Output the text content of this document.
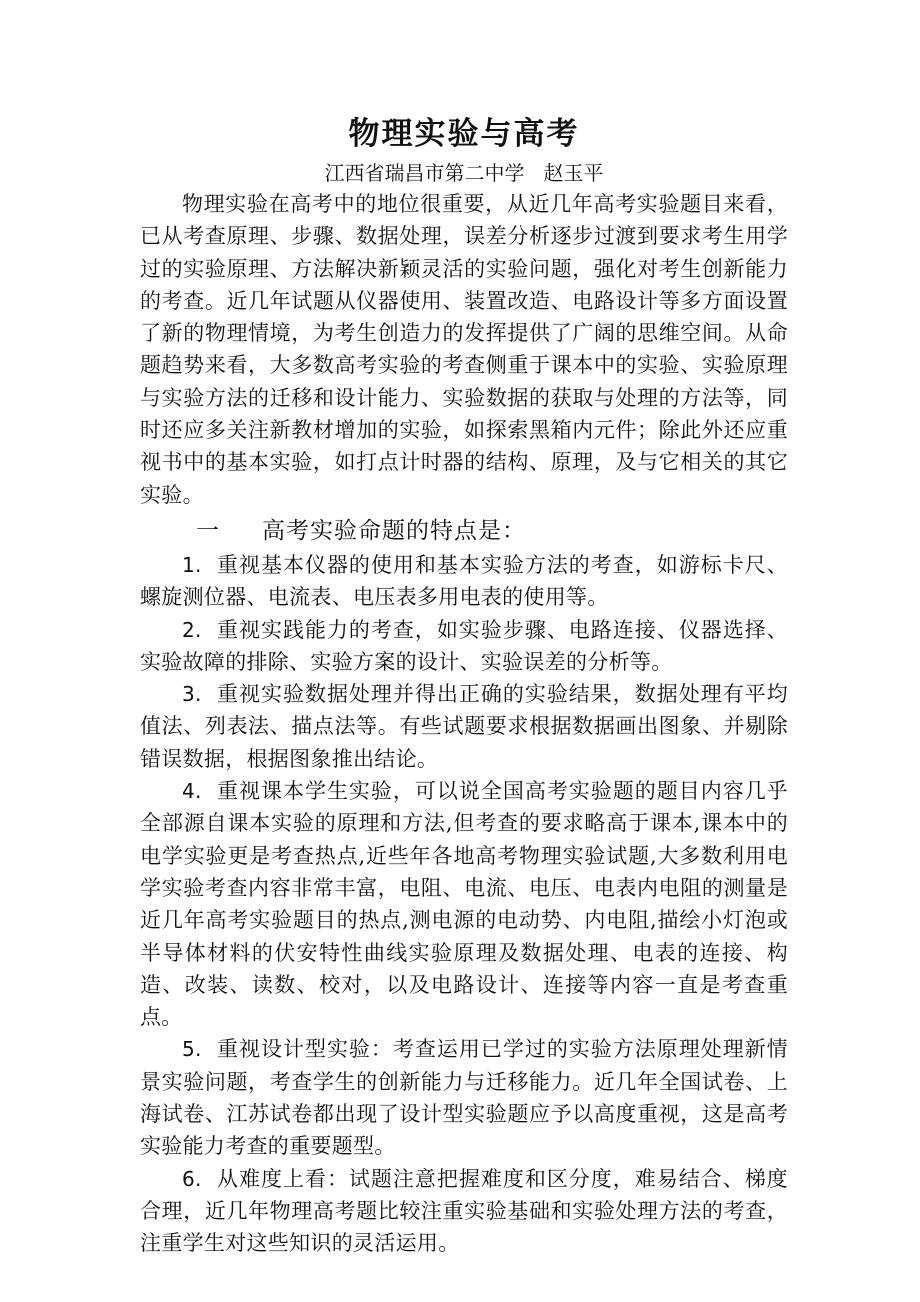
物理实验与高考

江西省瑞昌市第二中学   赵玉平

物理实验在高考中的地位很重要，从近几年高考实验题目来看，已从考查原理、步骤、数据处理，误差分析逐步过渡到要求考生用学过的实验原理、方法解决新颖灵活的实验问题，强化对考生创新能力的考查。近几年试题从仪器使用、装置改造、电路设计等多方面设置了新的物理情境，为考生创造力的发挥提供了广阔的思维空间。从命题趋势来看，大多数高考实验的考查侧重于课本中的实验、实验原理与实验方法的迁移和设计能力、实验数据的获取与处理的方法等，同时还应多关注新教材增加的实验，如探索黑箱内元件；除此外还应重视书中的基本实验，如打点计时器的结构、原理，及与它相关的其它实验。

一 高考实验命题的特点是：

1. 重视基本仪器的使用和基本实验方法的考查，如游标卡尺、螺旋测位器、电流表、电压表多用电表的使用等。

2. 重视实践能力的考查，如实验步骤、电路连接、仪器选择、实验故障的排除、实验方案的设计、实验误差的分析等。

3. 重视实验数据处理并得出正确的实验结果，数据处理有平均值法、列表法、描点法等。有些试题要求根据数据画出图象、并剔除错误数据，根据图象推出结论。

4. 重视课本学生实验，可以说全国高考实验题的题目内容几乎全部源自课本实验的原理和方法,但考查的要求略高于课本,课本中的电学实验更是考查热点,近些年各地高考物理实验试题,大多数利用电学实验考查内容非常丰富，电阻、电流、电压、电表内电阻的测量是近几年高考实验题目的热点,测电源的电动势、内电阻,描绘小灯泡或半导体材料的伏安特性曲线实验原理及数据处理、电表的连接、构造、改装、读数、校对，以及电路设计、连接等内容一直是考查重点。

5. 重视设计型实验：考查运用已学过的实验方法原理处理新情景实验问题，考查学生的创新能力与迁移能力。近几年全国试卷、上海试卷、江苏试卷都出现了设计型实验题应予以高度重视，这是高考实验能力考查的重要题型。

6. 从难度上看：试题注意把握难度和区分度，难易结合、梯度合理，近几年物理高考题比较注重实验基础和实验处理方法的考查，注重学生对这些知识的灵活运用。
